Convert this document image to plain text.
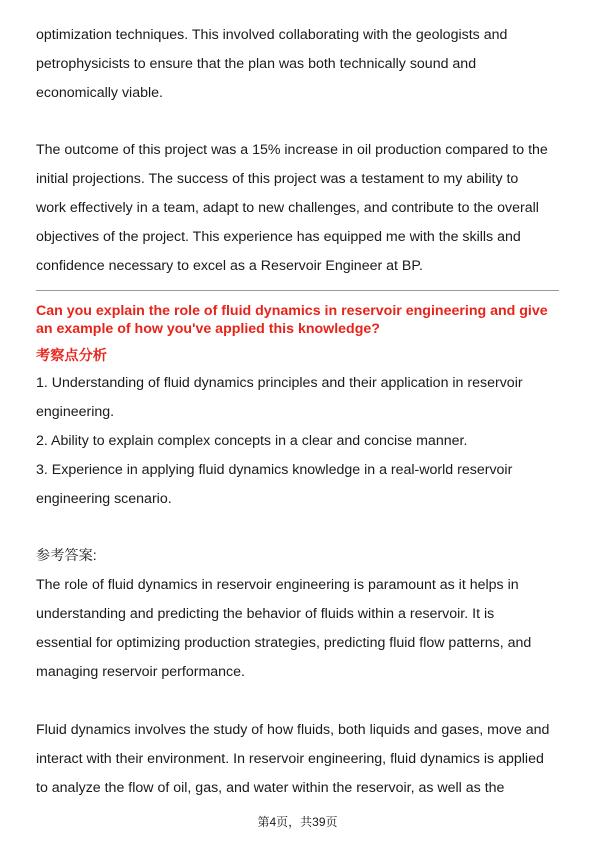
optimization techniques. This involved collaborating with the geologists and
petrophysicists to ensure that the plan was both technically sound and
economically viable.
The outcome of this project was a 15% increase in oil production compared to the
initial projections. The success of this project was a testament to my ability to
work effectively in a team, adapt to new challenges, and contribute to the overall
objectives of the project. This experience has equipped me with the skills and
confidence necessary to excel as a Reservoir Engineer at BP.
Can you explain the role of fluid dynamics in reservoir engineering and give
an example of how you've applied this knowledge?
考察点分析
1. Understanding of fluid dynamics principles and their application in reservoir
engineering.
2. Ability to explain complex concepts in a clear and concise manner.
3. Experience in applying fluid dynamics knowledge in a real-world reservoir
engineering scenario.
参考答案:
The role of fluid dynamics in reservoir engineering is paramount as it helps in
understanding and predicting the behavior of fluids within a reservoir. It is
essential for optimizing production strategies, predicting fluid flow patterns, and
managing reservoir performance.
Fluid dynamics involves the study of how fluids, both liquids and gases, move and
interact with their environment. In reservoir engineering, fluid dynamics is applied
to analyze the flow of oil, gas, and water within the reservoir, as well as the
第4页，共39页
